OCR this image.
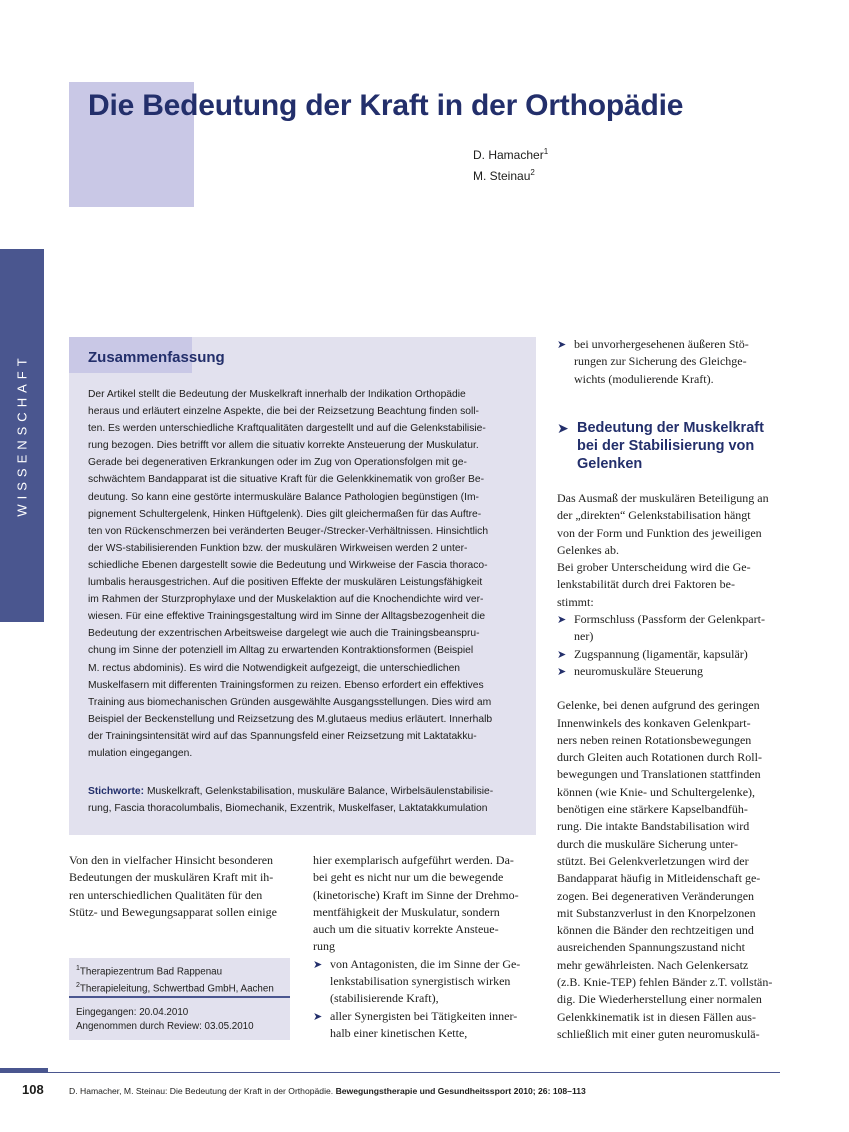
Die Bedeutung der Kraft in der Orthopädie
D. Hamacher$^1$
M. Steinau$^2$
WISSENSCHAFT	Zusammenfassung
Der Artikel stellt die Bedeutung der Muskelkraft innerhalb der Indikation Orthopädie
heraus und erläutert einzelne Aspekte, die bei der Reizsetzung Beachtung finden soll-
ten. Es werden unterschiedliche Kraftqualitäten dargestellt und auf die Gelenkstabilisie-
rung bezogen. Dies betrifft vor allem die situativ korrekte Ansteuerung der Muskulatur.
Gerade bei degenerativen Erkrankungen oder im Zug von Operationsfolgen mit ge-
schwächtem Bandapparat ist die situative Kraft für die Gelenkkinematik von großer Be-
deutung. So kann eine gestörte intermuskuläre Balance Pathologien begünstigen (Im-
pignement Schultergelenk, Hinken Hüftgelenk). Dies gilt gleichermaßen für das Auftre-
ten von Rückenschmerzen bei veränderten Beuger-/Strecker-Verhältnissen. Hinsichtlich
der WS-stabilisierenden Funktion bzw. der muskulären Wirkweisen werden 2 unter-
schiedliche Ebenen dargestellt sowie die Bedeutung und Wirkweise der Fascia thoraco-
lumbalis herausgestrichen. Auf die positiven Effekte der muskulären Leistungsfähigkeit
im Rahmen der Sturzprophylaxe und der Muskelaktion auf die Knochendichte wird ver-
wiesen. Für eine effektive Trainingsgestaltung wird im Sinne der Alltagsbezogenheit die
Bedeutung der exzentrischen Arbeitsweise dargelegt wie auch die Trainingsbeanspru-
chung im Sinne der potenziell im Alltag zu erwartenden Kontraktionsformen (Beispiel
M. rectus abdominis). Es wird die Notwendigkeit aufgezeigt, die unterschiedlichen
Muskelfasern mit differenten Trainingsformen zu reizen. Ebenso erfordert ein effektives
Training aus biomechanischen Gründen ausgewählte Ausgangsstellungen. Dies wird am
Beispiel der Beckenstellung und Reizsetzung des M.glutaeus medius erläutert. Innerhalb
der Trainingsintensität wird auf das Spannungsfeld einer Reizsetzung mit Laktatakku-
mulation eingegangen.
Stichworte: Muskelkraft, Gelenkstabilisation, muskuläre Balance, Wirbelsäulenstabilisie-
rung, Fascia thoracolumbalis, Biomechanik, Exzentrik, Muskelfaser, Laktatakkumulation
Von den in vielfacher Hinsicht besonderen
Bedeutungen der muskulären Kraft mit ih-
ren unterschiedlichen Qualitäten für den
Stütz- und Bewegungsapparat sollen einige
$^1$Therapiezentrum Bad Rappenau
$^2$Therapieleitung, Schwertbad GmbH, Aachen
Eingegangen: 20.04.2010
Angenommen durch Review: 03.05.2010
hier exemplarisch aufgeführt werden. Da-
bei geht es nicht nur um die bewegende
(kinetorische) Kraft im Sinne der Drehmo-
mentfähigkeit der Muskulatur, sondern
auch um die situativ korrekte Ansteue-
rung
➤ von Antagonisten, die im Sinne der Ge-
lenkstabilisation synergistisch wirken
(stabilisierende Kraft),
➤ aller Synergisten bei Tätigkeiten inner-
halb einer kinetischen Kette,
➤ bei unvorhergesehenen äußeren Stö-
rungen zur Sicherung des Gleichge-
wichts (modulierende Kraft).
➤ Bedeutung der Muskelkraft
bei der Stabilisierung von
Gelenken
Das Ausmaß der muskulären Beteiligung an
der „direkten“ Gelenkstabilisation hängt
von der Form und Funktion des jeweiligen
Gelenkes ab.
Bei grober Unterscheidung wird die Ge-
lenkstabilität durch drei Faktoren be-
stimmt:
➤ Formschluss (Passform der Gelenkpart-
ner)
➤ Zugspannung (ligamentär, kapsulär)
➤ neuromuskuläre Steuerung
Gelenke, bei denen aufgrund des geringen
Innenwinkels des konkaven Gelenkpart-
ners neben reinen Rotationsbewegungen
durch Gleiten auch Rotationen durch Roll-
bewegungen und Translationen stattfinden
können (wie Knie- und Schultergelenke),
benötigen eine stärkere Kapselbandfüh-
rung. Die intakte Bandstabilisation wird
durch die muskuläre Sicherung unter-
stützt. Bei Gelenkverletzungen wird der
Bandapparat häufig in Mitleidenschaft ge-
zogen. Bei degenerativen Veränderungen
mit Substanzverlust in den Knorpelzonen
können die Bänder den rechtzeitigen und
ausreichenden Spannungszustand nicht
mehr gewährleisten. Nach Gelenkersatz
(z.B. Knie-TEP) fehlen Bänder z.T. vollstän-
dig. Die Wiederherstellung einer normalen
Gelenkkinematik ist in diesen Fällen aus-
schließlich mit einer guten neuromuskulä-
108	D. Hamacher, M. Steinau: Die Bedeutung der Kraft in der Orthopädie. Bewegungstherapie und Gesundheitssport 2010; 26: 108–113
